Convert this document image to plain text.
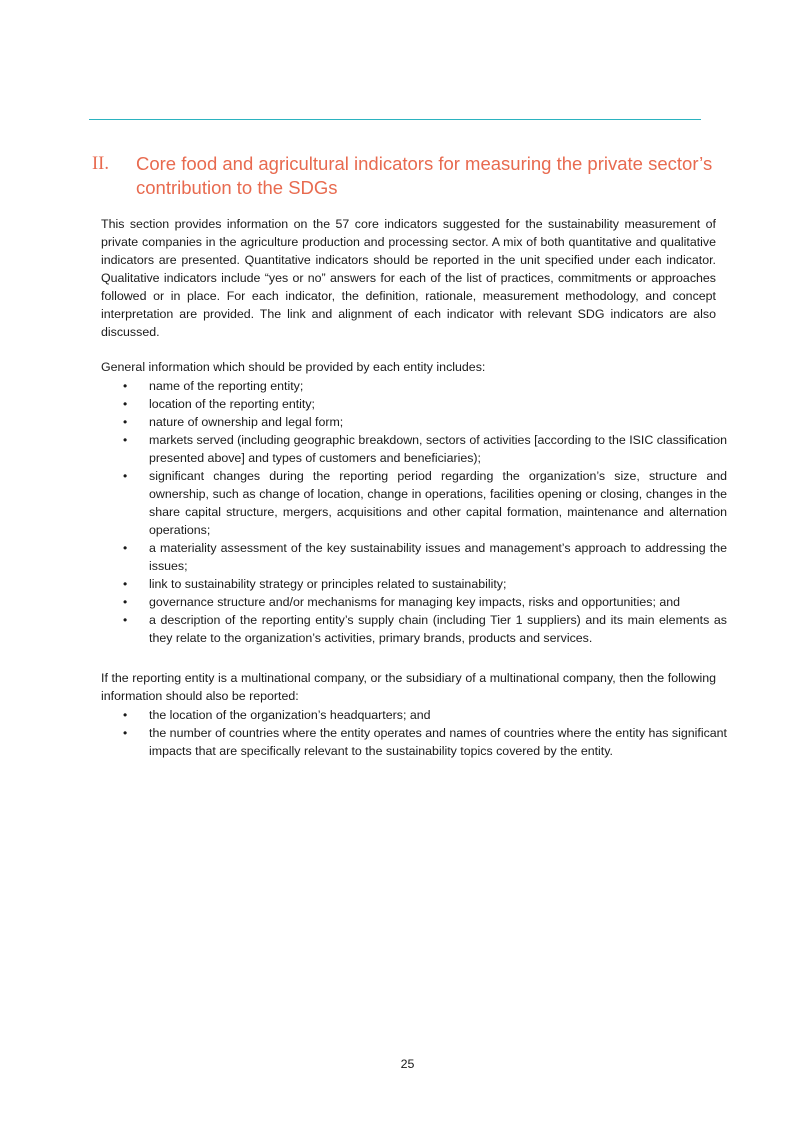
II.	Core food and agricultural indicators for measuring the private sector’s contribution to the SDGs

This section provides information on the 57 core indicators suggested for the sustainability measurement of private companies in the agriculture production and processing sector. A mix of both quantitative and qualitative indicators are presented. Quantitative indicators should be reported in the unit specified under each indicator. Qualitative indicators include “yes or no” answers for each of the list of practices, commitments or approaches followed or in place. For each indicator, the definition, rationale, measurement methodology, and concept interpretation are provided. The link and alignment of each indicator with relevant SDG indicators are also discussed.

General information which should be provided by each entity includes:

• name of the reporting entity;
• location of the reporting entity;
• nature of ownership and legal form;
• markets served (including geographic breakdown, sectors of activities [according to the ISIC classification presented above] and types of customers and beneficiaries);
• significant changes during the reporting period regarding the organization’s size, structure and ownership, such as change of location, change in operations, facilities opening or closing, changes in the share capital structure, mergers, acquisitions and other capital formation, maintenance and alternation operations;
• a materiality assessment of the key sustainability issues and management’s approach to addressing the issues;
• link to sustainability strategy or principles related to sustainability;
• governance structure and/or mechanisms for managing key impacts, risks and opportunities; and
• a description of the reporting entity’s supply chain (including Tier 1 suppliers) and its main elements as they relate to the organization’s activities, primary brands, products and services.

If the reporting entity is a multinational company, or the subsidiary of a multinational company, then the following information should also be reported:

• the location of the organization’s headquarters; and
• the number of countries where the entity operates and names of countries where the entity has significant impacts that are specifically relevant to the sustainability topics covered by the entity.
25
